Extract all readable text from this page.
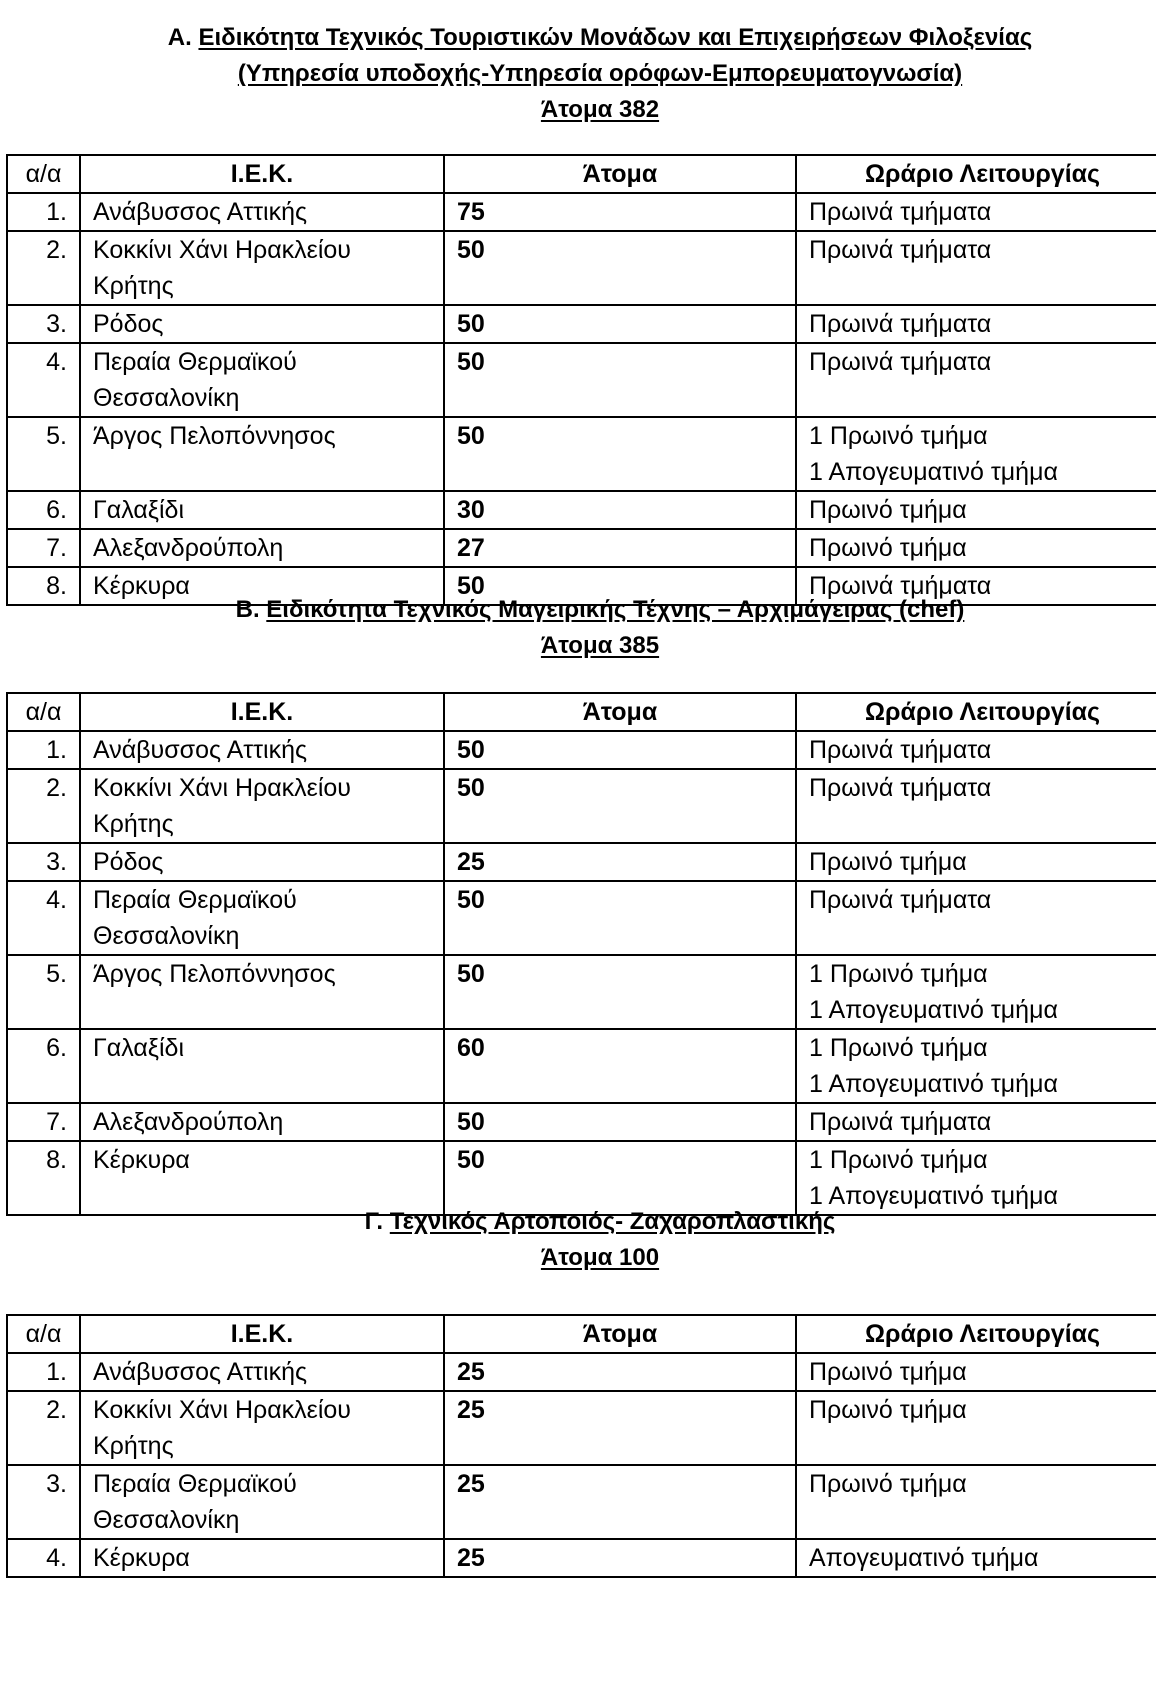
Α. Ειδικότητα Τεχνικός Τουριστικών Μονάδων και Επιχειρήσεων Φιλοξενίας
(Υπηρεσία υποδοχής-Υπηρεσία ορόφων-Εμπορευματογνωσία)
Άτομα 382
α/α	Ι.Ε.Κ.	Άτομα	Ωράριο Λειτουργίας
1.	Ανάβυσσος Αττικής	75	Πρωινά τμήματα

2.	Κοκκίνι Χάνι Ηρακλείου Κρήτης	50	Πρωινά τμήματα

3.	Ρόδος	50	Πρωινά τμήματα

4.	Περαία Θερμαϊκού Θεσσαλονίκη	50	Πρωινά τμήματα

5.	Άργος Πελοπόννησος	50	1 Πρωινό τμήμα
1 Απογευματινό τμήμα

6.	Γαλαξίδι	30	Πρωινό τμήμα

7.	Αλεξανδρούπολη	27	Πρωινό τμήμα

8.	Κέρκυρα	50	Πρωινά τμήματα
Β. Ειδικότητα Τεχνικός Μαγειρικής Τέχνης – Αρχιμάγειρας (chef)
Άτομα 385
α/α	Ι.Ε.Κ.	Άτομα	Ωράριο Λειτουργίας
1.	Ανάβυσσος Αττικής	50	Πρωινά τμήματα

2.	Κοκκίνι Χάνι Ηρακλείου Κρήτης	50	Πρωινά τμήματα

3.	Ρόδος	25	Πρωινό τμήμα

4.	Περαία Θερμαϊκού Θεσσαλονίκη	50	Πρωινά τμήματα

5.	Άργος Πελοπόννησος	50	1 Πρωινό τμήμα
1 Απογευματινό τμήμα

6.	Γαλαξίδι	60	1 Πρωινό τμήμα
1 Απογευματινό τμήμα

7.	Αλεξανδρούπολη	50	Πρωινά τμήματα

8.	Κέρκυρα	50	1 Πρωινό τμήμα
1 Απογευματινό τμήμα
Γ. Τεχνικός Αρτοποιός- Ζαχαροπλαστικής
Άτομα 100
α/α	Ι.Ε.Κ.	Άτομα	Ωράριο Λειτουργίας
1.	Ανάβυσσος Αττικής	25	Πρωινό τμήμα

2.	Κοκκίνι Χάνι Ηρακλείου Κρήτης	25	Πρωινό τμήμα

3.	Περαία Θερμαϊκού Θεσσαλονίκη	25	Πρωινό τμήμα

4.	Κέρκυρα	25	Απογευματινό τμήμα
